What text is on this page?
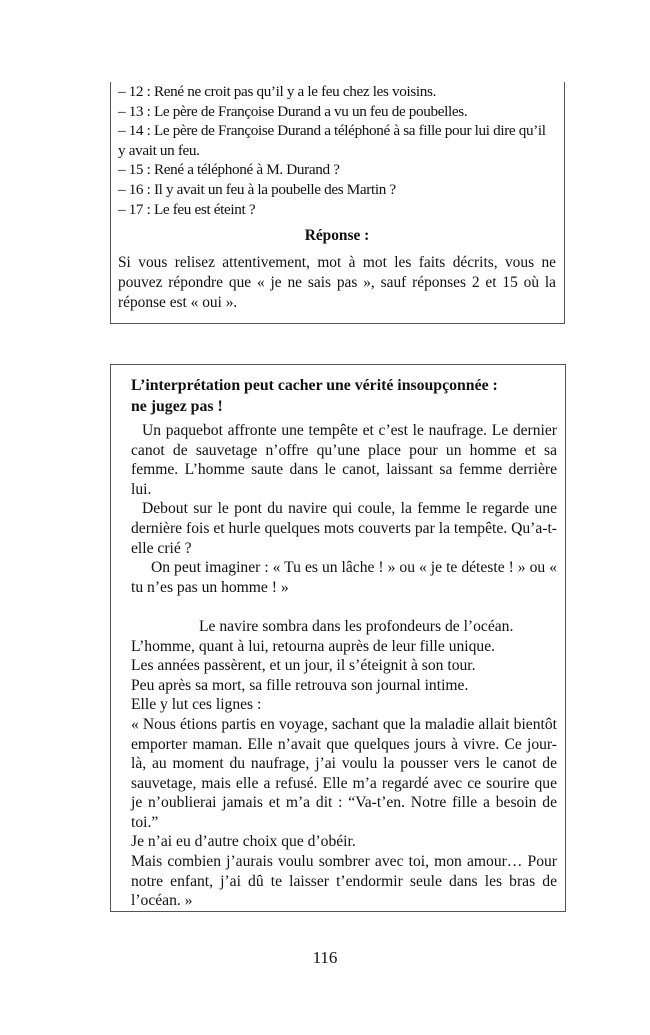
– 12 : René ne croit pas qu’il y a le feu chez les voisins.
– 13 : Le père de Françoise Durand a vu un feu de poubelles.
– 14 : Le père de Françoise Durand a téléphoné à sa fille pour lui dire qu’il y avait un feu.
– 15 : René a téléphoné à M. Durand ?
– 16 : Il y avait un feu à la poubelle des Martin ?
– 17 : Le feu est éteint ?
Réponse :
Si vous relisez attentivement, mot à mot les faits décrits, vous ne pouvez répondre que « je ne sais pas », sauf réponses 2 et 15 où la réponse est « oui ».
L’interprétation peut cacher une vérité insoupçonnée :
ne jugez pas !

Un paquebot affronte une tempête et c’est le naufrage. Le dernier canot de sauvetage n’offre qu’une place pour un homme et sa femme. L’homme saute dans le canot, laissant sa femme derrière lui.

Debout sur le pont du navire qui coule, la femme le regarde une dernière fois et hurle quelques mots couverts par la tempête. Qu’a-t-elle crié ?

On peut imaginer : « Tu es un lâche ! » ou « je te déteste ! » ou « tu n’es pas un homme ! »

Le navire sombra dans les profondeurs de l’océan.

L’homme, quant à lui, retourna auprès de leur fille unique.

Les années passèrent, et un jour, il s’éteignit à son tour.

Peu après sa mort, sa fille retrouva son journal intime.

Elle y lut ces lignes :

« Nous étions partis en voyage, sachant que la maladie allait bientôt emporter maman. Elle n’avait que quelques jours à vivre. Ce jour-là, au moment du naufrage, j’ai voulu la pousser vers le canot de sauvetage, mais elle a refusé. Elle m’a regardé avec ce sourire que je n’oublierai jamais et m’a dit : “Va-t’en. Notre fille a besoin de toi.”

Je n’ai eu d’autre choix que d’obéir.

Mais combien j’aurais voulu sombrer avec toi, mon amour… Pour notre enfant, j’ai dû te laisser t’endormir seule dans les bras de l’océan. »

116
